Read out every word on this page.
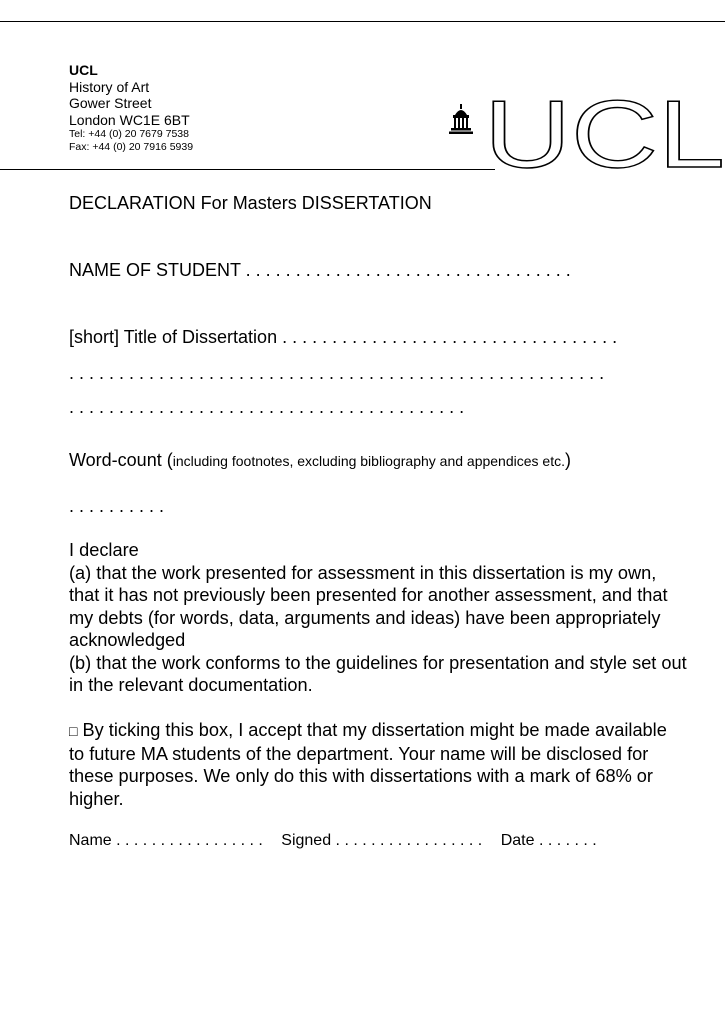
UCL
History of Art
Gower Street
London WC1E 6BT
Tel: +44 (0) 20 7679 7538
Fax: +44 (0) 20 7916 5939	UCL
DECLARATION For Masters DISSERTATION
NAME OF STUDENT . . . . . . . . . . . . . . . . . . . . . . . . . . . . . . . . .
[short] Title of Dissertation . . . . . . . . . . . . . . . . . . . . . . . . . . . . . . . . . .
. . . . . . . . . . . . . . . . . . . . . . . . . . . . . . . . . . . . . . . . . . . . . . . . . . . . . .
. . . . . . . . . . . . . . . . . . . . . . . . . . . . . . . . . . . . . . . .
Word-count (including footnotes, excluding bibliography and appendices etc.)
. . . . . . . . . .
I declare
(a) that the work presented for assessment in this dissertation is my own, that it has not previously been presented for another assessment, and that my debts (for words, data, arguments and ideas) have been appropriately acknowledged
(b) that the work conforms to the guidelines for presentation and style set out in the relevant documentation.
□ By ticking this box, I accept that my dissertation might be made available to future MA students of the department. Your name will be disclosed for these purposes. We only do this with dissertations with a mark of 68% or higher.
Name . . . . . . . . . . . . . . . . . Signed . . . . . . . . . . . . . . . . . Date . . . . . . .
